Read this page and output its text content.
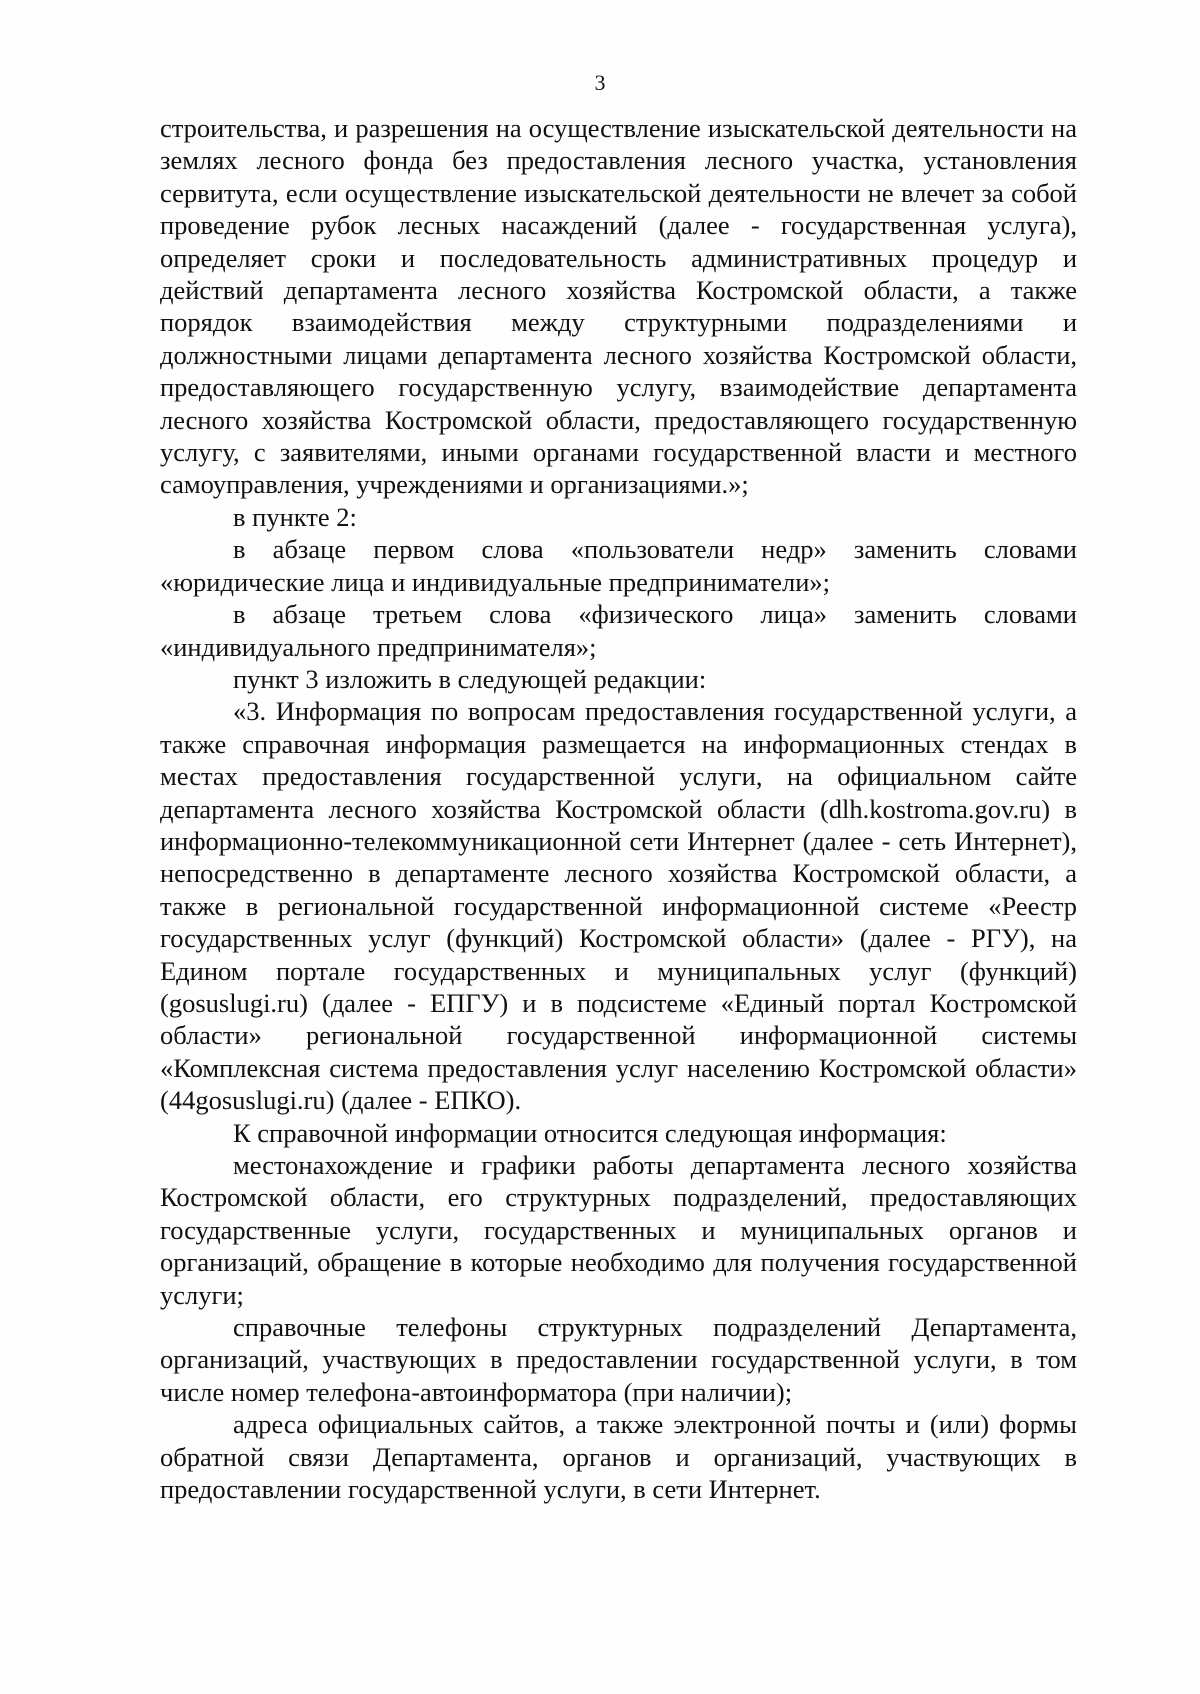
3

строительства, и разрешения на осуществление изыскательской деятельности на землях лесного фонда без предоставления лесного участка, установления сервитута, если осуществление изыскательской деятельности не влечет за собой проведение рубок лесных насаждений (далее - государственная услуга), определяет сроки и последовательность административных процедур и действий департамента лесного хозяйства Костромской области, а также порядок взаимодействия между структурными подразделениями и должностными лицами департамента лесного хозяйства Костромской области, предоставляющего государственную услугу, взаимодействие департамента лесного хозяйства Костромской области, предоставляющего государственную услугу, с заявителями, иными органами государственной власти и местного самоуправления, учреждениями и организациями.»;

в пункте 2:

в абзаце первом слова «пользователи недр» заменить словами «юридические лица и индивидуальные предприниматели»;

в абзаце третьем слова «физического лица» заменить словами «индивидуального предпринимателя»;

пункт 3 изложить в следующей редакции:

«3. Информация по вопросам предоставления государственной услуги, а также справочная информация размещается на информационных стендах в местах предоставления государственной услуги, на официальном сайте департамента лесного хозяйства Костромской области (dlh.kostroma.gov.ru) в информационно-телекоммуникационной сети Интернет (далее - сеть Интернет), непосредственно в департаменте лесного хозяйства Костромской области, а также в региональной государственной информационной системе «Реестр государственных услуг (функций) Костромской области» (далее - РГУ), на Едином портале государственных и муниципальных услуг (функций) (gosuslugi.ru) (далее - ЕПГУ) и в подсистеме «Единый портал Костромской области» региональной государственной информационной системы «Комплексная система предоставления услуг населению Костромской области» (44gosuslugi.ru) (далее - ЕПКО).

К справочной информации относится следующая информация:

местонахождение и графики работы департамента лесного хозяйства Костромской области, его структурных подразделений, предоставляющих государственные услуги, государственных и муниципальных органов и организаций, обращение в которые необходимо для получения государственной услуги;

справочные телефоны структурных подразделений Департамента, организаций, участвующих в предоставлении государственной услуги, в том числе номер телефона-автоинформатора (при наличии);

адреса официальных сайтов, а также электронной почты и (или) формы обратной связи Департамента, органов и организаций, участвующих в предоставлении государственной услуги, в сети Интернет.
